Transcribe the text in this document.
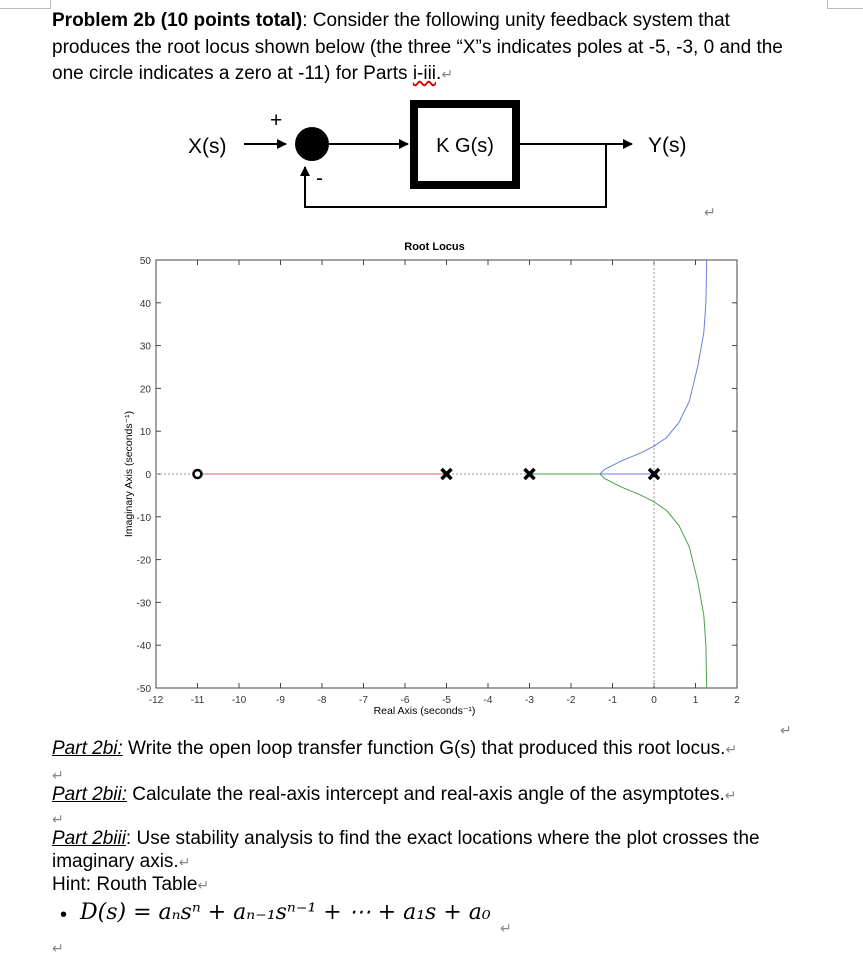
Problem 2b (10 points total): Consider the following unity feedback system that
produces the root locus shown below (the three “X”s indicates poles at -5, -3, 0 and the
one circle indicates a zero at -11) for Parts i-iii.↵
X(s)
+
K G(s)	Y(s)
-
↵
-12	-11	-10	-9	-8	-7	-6	-5	-4	-3	-2	-1	0	1	2
-50
-40
-30
-20
-10
0
10
20
30
40
50
Root Locus
Real Axis (seconds⁻¹)
Imaginary Axis (seconds⁻¹)
Part 2bi: Write the open loop transfer function G(s) that produced this root locus.↵
↵
↵
Part 2bii: Calculate the real-axis intercept and real-axis angle of the asymptotes.↵
↵
Part 2biii: Use stability analysis to find the exact locations where the plot crosses the
imaginary axis.↵
Hint: Routh Table↵
• D(s) = aₙsⁿ + aₙ₋₁sⁿ⁻¹ + ⋯ + a₁s + a₀
↵
↵
